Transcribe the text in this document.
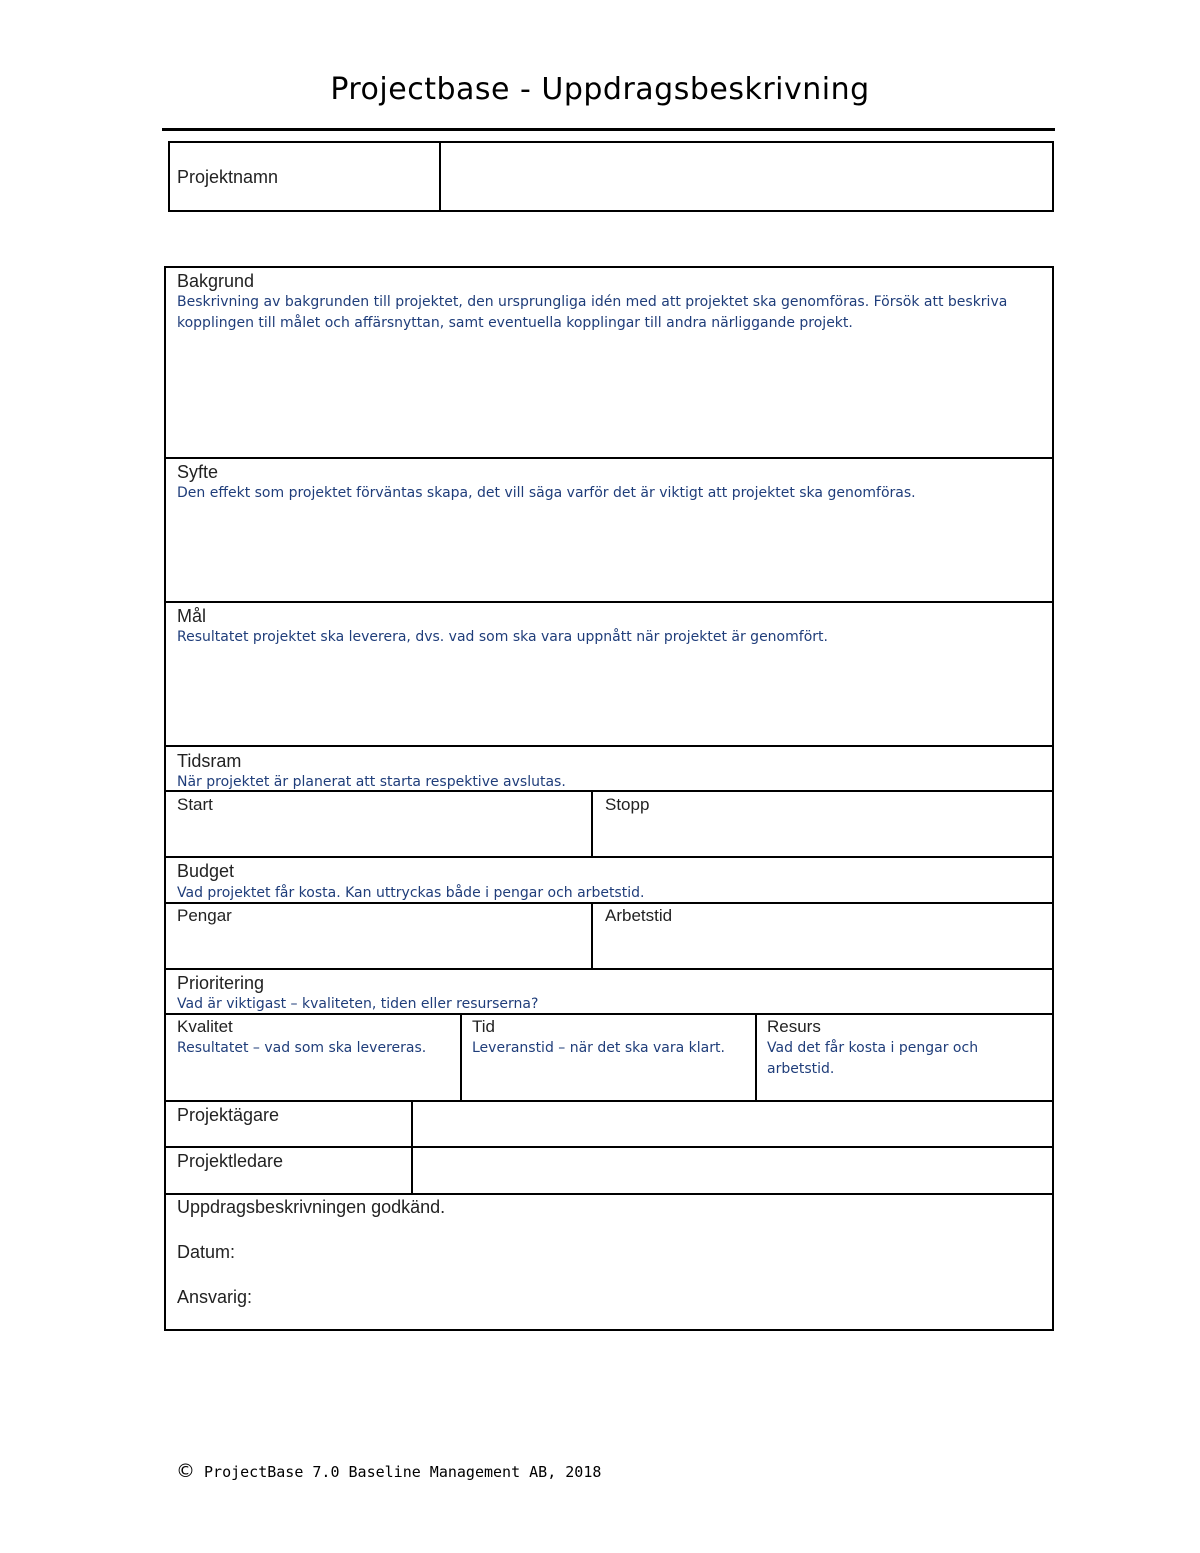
Projectbase - Uppdragsbeskrivning
Projektnamn
Bakgrund
Beskrivning av bakgrunden till projektet, den ursprungliga idén med att projektet ska genomföras. Försök att beskriva
kopplingen till målet och affärsnyttan, samt eventuella kopplingar till andra närliggande projekt.
Syfte
Den effekt som projektet förväntas skapa, det vill säga varför det är viktigt att projektet ska genomföras.
Mål
Resultatet projektet ska leverera, dvs. vad som ska vara uppnått när projektet är genomfört.
Tidsram
När projektet är planerat att starta respektive avslutas.
Start	Stopp
Budget
Vad projektet får kosta. Kan uttryckas både i pengar och arbetstid.
Pengar	Arbetstid
Prioritering
Vad är viktigast – kvaliteten, tiden eller resurserna?
Kvalitet
Resultatet – vad som ska levereras.
Tid
Leveranstid – när det ska vara klart.
Resurs
Vad det får kosta i pengar och
arbetstid.
Projektägare
Projektledare
Uppdragsbeskrivningen godkänd.
Datum:
Ansvarig:
© ProjectBase 7.0 Baseline Management AB, 2018
